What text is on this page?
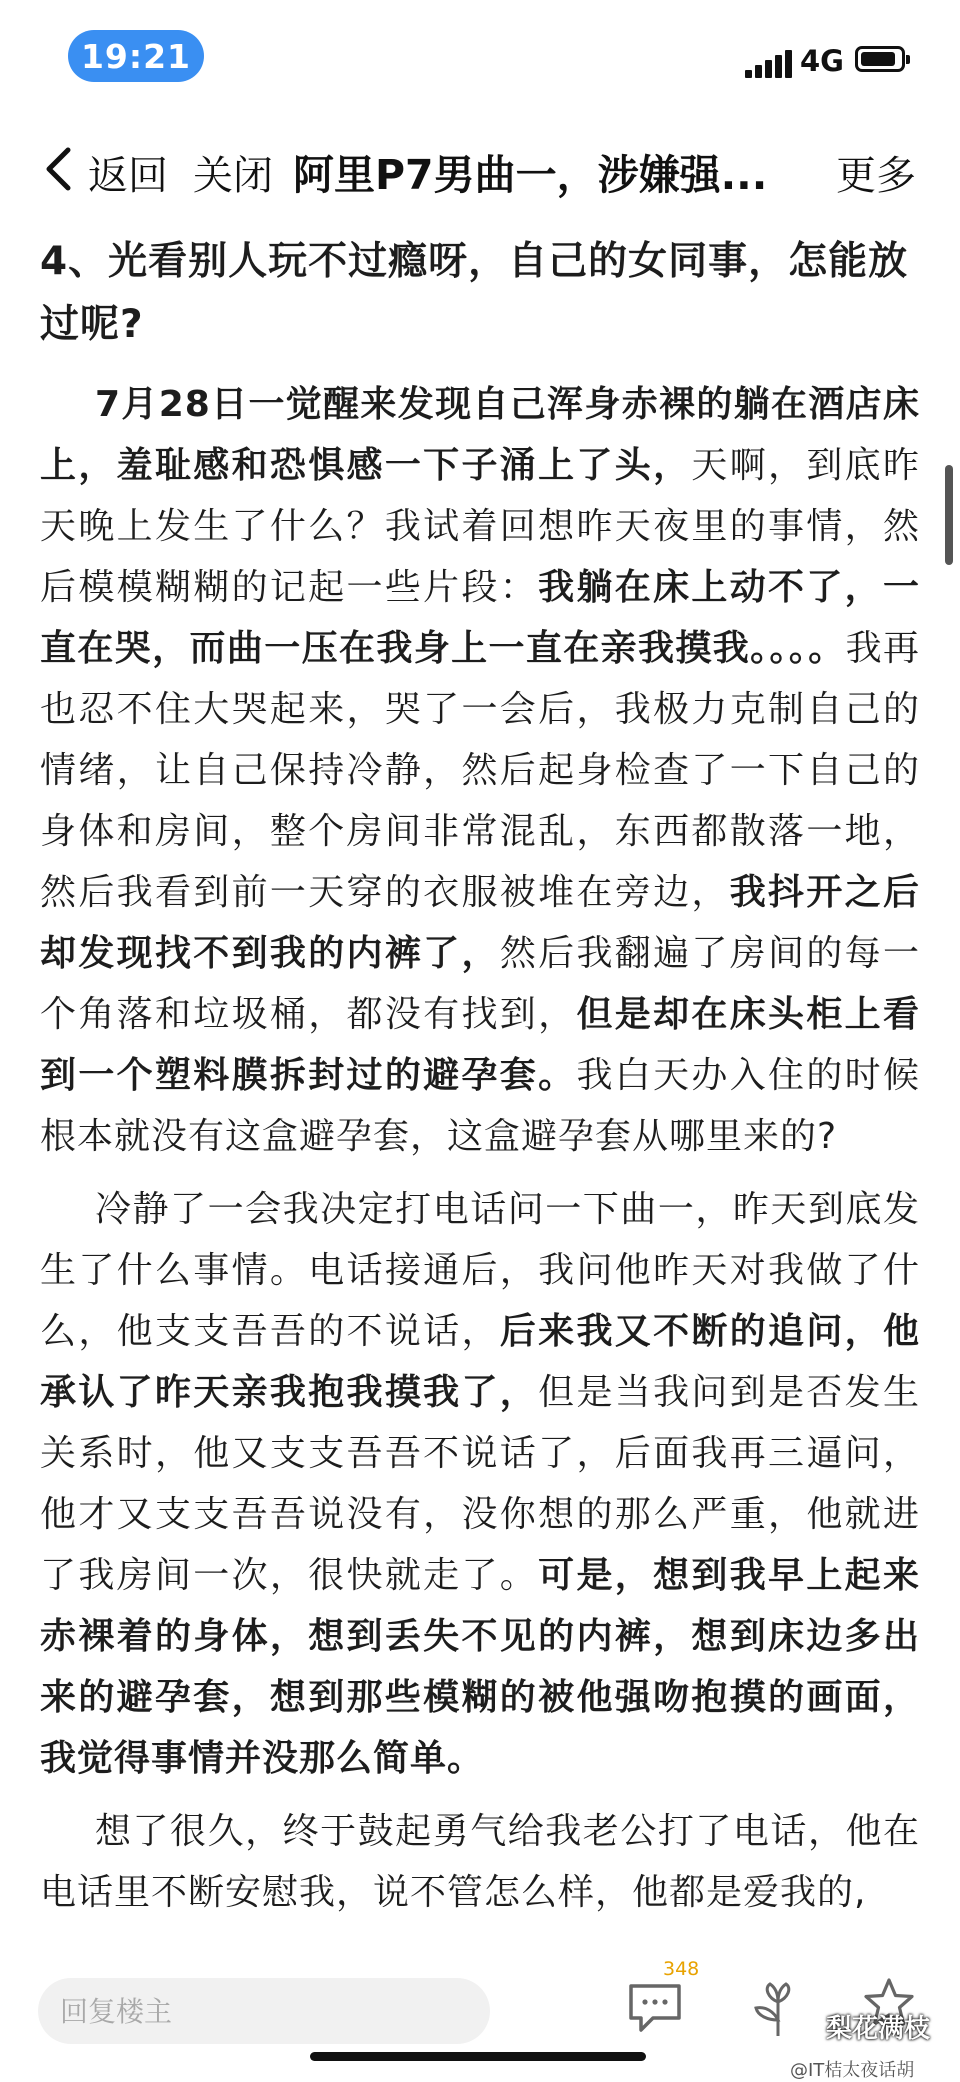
19:21	4G
返回 关闭 阿里P7男曲一，涉嫌强...	更多
4、光看别人玩不过瘾呀，自己的女同事，怎能放过呢?

7月28日一觉醒来发现自己浑身赤裸的躺在酒店床上，羞耻感和恐惧感一下子涌上了头，天啊，到底昨天晚上发生了什么？我试着回想昨天夜里的事情，然后模模糊糊的记起一些片段：我躺在床上动不了，一直在哭，而曲一压在我身上一直在亲我摸我。。。。我再也忍不住大哭起来，哭了一会后，我极力克制自己的情绪，让自己保持冷静，然后起身检查了一下自己的身体和房间，整个房间非常混乱，东西都散落一地，然后我看到前一天穿的衣服被堆在旁边，我抖开之后却发现找不到我的内裤了，然后我翻遍了房间的每一个角落和垃圾桶，都没有找到，但是却在床头柜上看到一个塑料膜拆封过的避孕套。我白天办入住的时候根本就没有这盒避孕套，这盒避孕套从哪里来的?

冷静了一会我决定打电话问一下曲一，昨天到底发生了什么事情。电话接通后，我问他昨天对我做了什么，他支支吾吾的不说话，后来我又不断的追问，他承认了昨天亲我抱我摸我了，但是当我问到是否发生关系时，他又支支吾吾不说话了，后面我再三逼问，他才又支支吾吾说没有，没你想的那么严重，他就进了我房间一次，很快就走了。可是，想到我早上起来赤裸着的身体，想到丢失不见的内裤，想到床边多出来的避孕套，想到那些模糊的被他强吻抱摸的画面，我觉得事情并没那么简单。

想了很久，终于鼓起勇气给我老公打了电话，他在电话里不断安慰我，说不管怎么样，他都是爱我的,

回复楼主
348
梨花满枝
@IT桔太夜话胡
